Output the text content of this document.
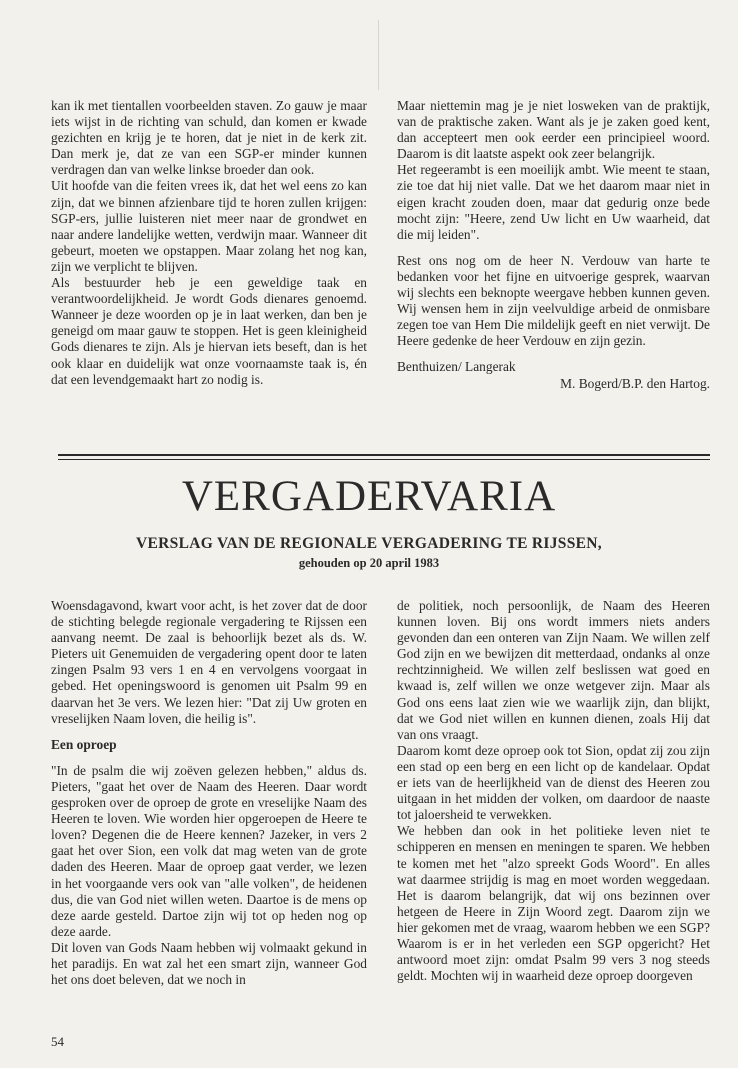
kan ik met tientallen voorbeelden staven. Zo gauw je maar iets wijst in de richting van schuld, dan komen er kwade gezichten en krijg je te horen, dat je niet in de kerk zit. Dan merk je, dat ze van een SGP-er minder kunnen verdragen dan van welke linkse broeder dan ook.

Uit hoofde van die feiten vrees ik, dat het wel eens zo kan zijn, dat we binnen afzienbare tijd te horen zullen krijgen: SGP-ers, jullie luisteren niet meer naar de grondwet en naar andere landelijke wetten, verdwijn maar. Wanneer dit gebeurt, moeten we opstappen. Maar zolang het nog kan, zijn we verplicht te blijven.

Als bestuurder heb je een geweldige taak en verantwoordelijkheid. Je wordt Gods dienares genoemd. Wanneer je deze woorden op je in laat werken, dan ben je geneigd om maar gauw te stoppen. Het is geen kleinigheid Gods dienares te zijn. Als je hiervan iets beseft, dan is het ook klaar en duidelijk wat onze voornaamste taak is, én dat een levendgemaakt hart zo nodig is.

Maar niettemin mag je je niet losweken van de praktijk, van de praktische zaken. Want als je je zaken goed kent, dan accepteert men ook eerder een principieel woord. Daarom is dit laatste aspekt ook zeer belangrijk.

Het regeerambt is een moeilijk ambt. Wie meent te staan, zie toe dat hij niet valle. Dat we het daarom maar niet in eigen kracht zouden doen, maar dat gedurig onze bede mocht zijn: "Heere, zend Uw licht en Uw waarheid, dat die mij leiden".

Rest ons nog om de heer N. Verdouw van harte te bedanken voor het fijne en uitvoerige gesprek, waarvan wij slechts een beknopte weergave hebben kunnen geven. Wij wensen hem in zijn veelvuldige arbeid de onmisbare zegen toe van Hem Die mildelijk geeft en niet verwijt. De Heere gedenke de heer Verdouw en zijn gezin.

Benthuizen/ Langerak

M. Bogerd/B.P. den Hartog.

VERGADERVARIA
VERSLAG VAN DE REGIONALE VERGADERING TE RIJSSEN,
gehouden op 20 april 1983

Woensdagavond, kwart voor acht, is het zover dat de door de stichting belegde regionale vergadering te Rijssen een aanvang neemt. De zaal is behoorlijk bezet als ds. W. Pieters uit Genemuiden de vergadering opent door te laten zingen Psalm 93 vers 1 en 4 en vervolgens voorgaat in gebed. Het openingswoord is genomen uit Psalm 99 en daarvan het 3e vers. We lezen hier: "Dat zij Uw groten en vreselijken Naam loven, die heilig is".

Een oproep

"In de psalm die wij zoëven gelezen hebben," aldus ds. Pieters, "gaat het over de Naam des Heeren. Daar wordt gesproken over de oproep de grote en vreselijke Naam des Heeren te loven. Wie worden hier opgeroepen de Heere te loven? Degenen die de Heere kennen? Jazeker, in vers 2 gaat het over Sion, een volk dat mag weten van de grote daden des Heeren. Maar de oproep gaat verder, we lezen in het voorgaande vers ook van "alle volken", de heidenen dus, die van God niet willen weten. Daartoe is de mens op deze aarde gesteld. Dartoe zijn wij tot op heden nog op deze aarde.

Dit loven van Gods Naam hebben wij volmaakt gekund in het paradijs. En wat zal het een smart zijn, wanneer God het ons doet beleven, dat we noch in

de politiek, noch persoonlijk, de Naam des Heeren kunnen loven. Bij ons wordt immers niets anders gevonden dan een onteren van Zijn Naam. We willen zelf God zijn en we bewijzen dit metterdaad, ondanks al onze rechtzinnigheid. We willen zelf beslissen wat goed en kwaad is, zelf willen we onze wetgever zijn. Maar als God ons eens laat zien wie we waarlijk zijn, dan blijkt, dat we God niet willen en kunnen dienen, zoals Hij dat van ons vraagt.

Daarom komt deze oproep ook tot Sion, opdat zij zou zijn een stad op een berg en een licht op de kandelaar. Opdat er iets van de heerlijkheid van de dienst des Heeren zou uitgaan in het midden der volken, om daardoor de naaste tot jaloersheid te verwekken.

We hebben dan ook in het politieke leven niet te schipperen en mensen en meningen te sparen. We hebben te komen met het "alzo spreekt Gods Woord". En alles wat daarmee strijdig is mag en moet worden weggedaan. Het is daarom belangrijk, dat wij ons bezinnen over hetgeen de Heere in Zijn Woord zegt. Daarom zijn we hier gekomen met de vraag, waarom hebben we een SGP? Waarom is er in het verleden een SGP opgericht? Het antwoord moet zijn: omdat Psalm 99 vers 3 nog steeds geldt. Mochten wij in waarheid deze oproep doorgeven

54
